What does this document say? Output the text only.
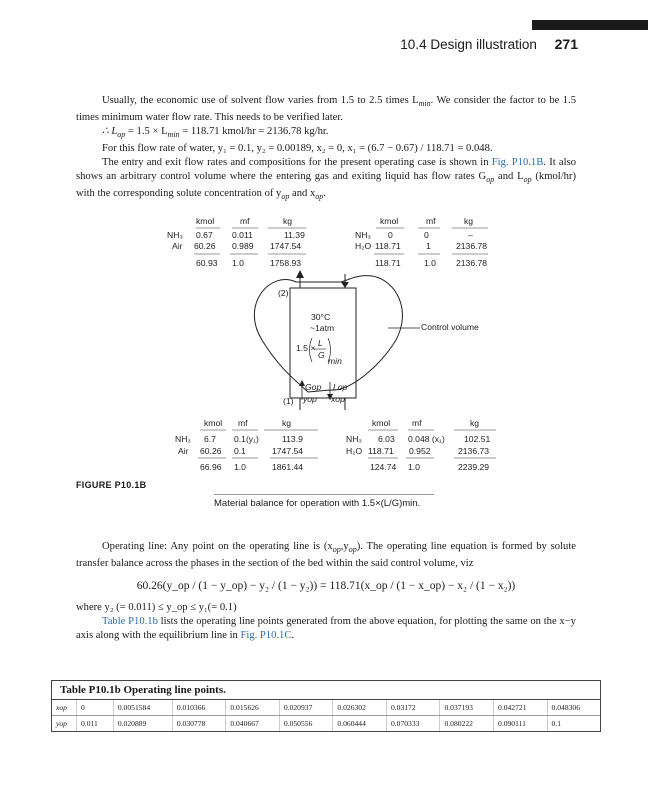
10.4 Design illustration 271

Usually, the economic use of solvent flow varies from 1.5 to 2.5 times $L_{min}$. We consider the factor to be 1.5 times minimum water flow rate. This needs to be verified later.

∴ $L_{op} = 1.5 \times L_{min} = 118.71$ kmol/hr = 2136.78 kg/hr.

For this flow rate of water, y₁ = 0.1, y₂ = 0.00189, x₂ = 0, x₁ = (6.7 − 0.67) / 118.71 = 0.048.

The entry and exit flow rates and compositions for the present operating case is shown in Fig. P10.1B. It also shows an arbitrary control volume where the entering gas and exiting liquid has flow rates $G_{op}$ and $L_{op}$ (kmol/hr) with the corresponding solute concentration of $y_{op}$ and $x_{op}$.

kmol	mf	kg
NH₃ 0.67 0.011	11.39
Air 60.26 0.989 1747.54
60.93 1.0	1758.93
kmol	mf	kg
NH₃ 0	0	–
H₂O 118.71	1	2136.78
118.71	1.0 2136.78
Control volume
(2)
30°C
~1atm
1.5 × L
G
min
Gop Lop
(1) yop xop
kmol mf	kg
NH₃ 6.7 0.1(y₁)	113.9
Air 60.26 0.1	1747.54
66.96 1.0	1861.44
kmol	mf	kg
NH₃ 6.03 0.048 (x₁) 102.51
H₂O 118.71 0.952	2136.73
124.74 1.0	2239.29
FIGURE P10.1B
Material balance for operation with 1.5×(L/G)min.

Operating line: Any point on the operating line is $(x_{op},y_{op})$. The operating line equation is formed by solute transfer balance across the phases in the section of the bed within the said control volume, viz

60.26(y_op / (1 − y_op) − y₂ / (1 − y₂)) = 118.71(x_op / (1 − x_op) − x₂ / (1 − x₂))

where y₂ (= 0.011) ≤ y_op ≤ y₁(= 0.1)

Table P10.1b lists the operating line points generated from the above equation, for plotting the same on the x−y axis along with the equilibrium line in Fig. P10.1C.

Table P10.1b Operating line points.
xop	0	0.0051584	0.010366	0.015626	0.020937	0.026302	0.03172	0.037193	0.042721	0.048306
yop	0.011	0.020889	0.030778	0.040667	0.050556	0.060444	0.070333	0.080222	0.090111	0.1
